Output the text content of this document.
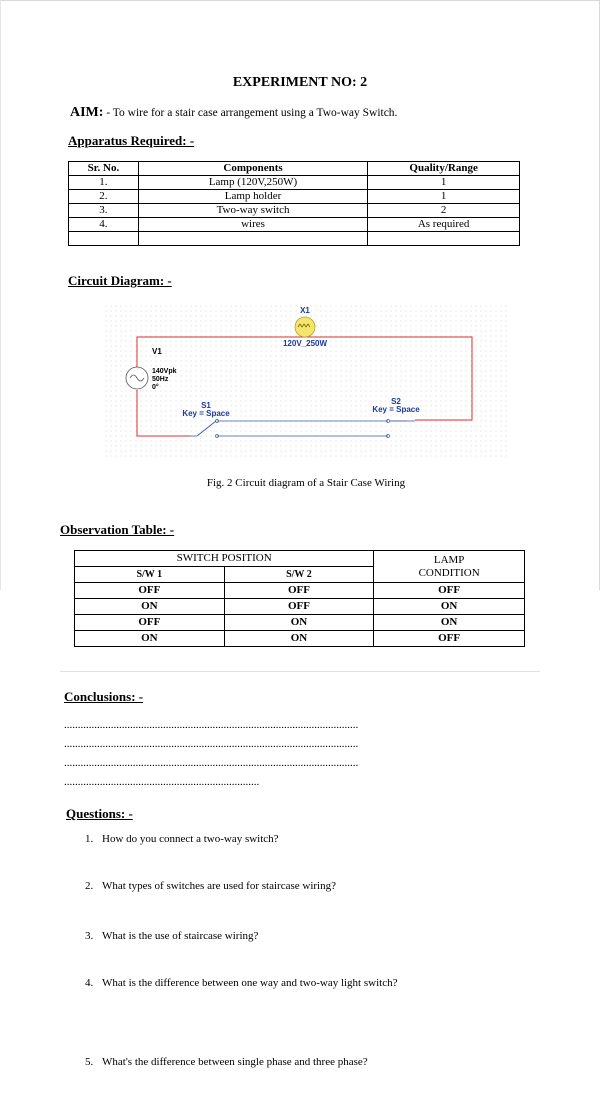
EXPERIMENT NO: 2
AIM: - To wire for a stair case arrangement using a Two-way Switch.
Apparatus Required: -
Sr. No.	Components	Quality/Range
1.	Lamp (120V,250W)	1
2.	Lamp holder	1
3.	Two-way switch	2
4.	wires	As required

Circuit Diagram: -
X1
120V_250W
V1
140Vpk
50Hz
0°
S1
Key = Space
S2
Key = Space
Fig. 2 Circuit diagram of a Stair Case Wiring
Observation Table: -
SWITCH POSITION		LAMP
CONDITION

S/W 1	S/W 2	
OFF	OFF	OFF
ON	OFF	ON
OFF	ON	ON
ON	ON	OFF
Conclusions: -
...........................................................................................................
...........................................................................................................
...........................................................................................................
.......................................................................
Questions: -
1. How do you connect a two-way switch?
2. What types of switches are used for staircase wiring?
3. What is the use of staircase wiring?
4. What is the difference between one way and two-way light switch?
5. What's the difference between single phase and three phase?
